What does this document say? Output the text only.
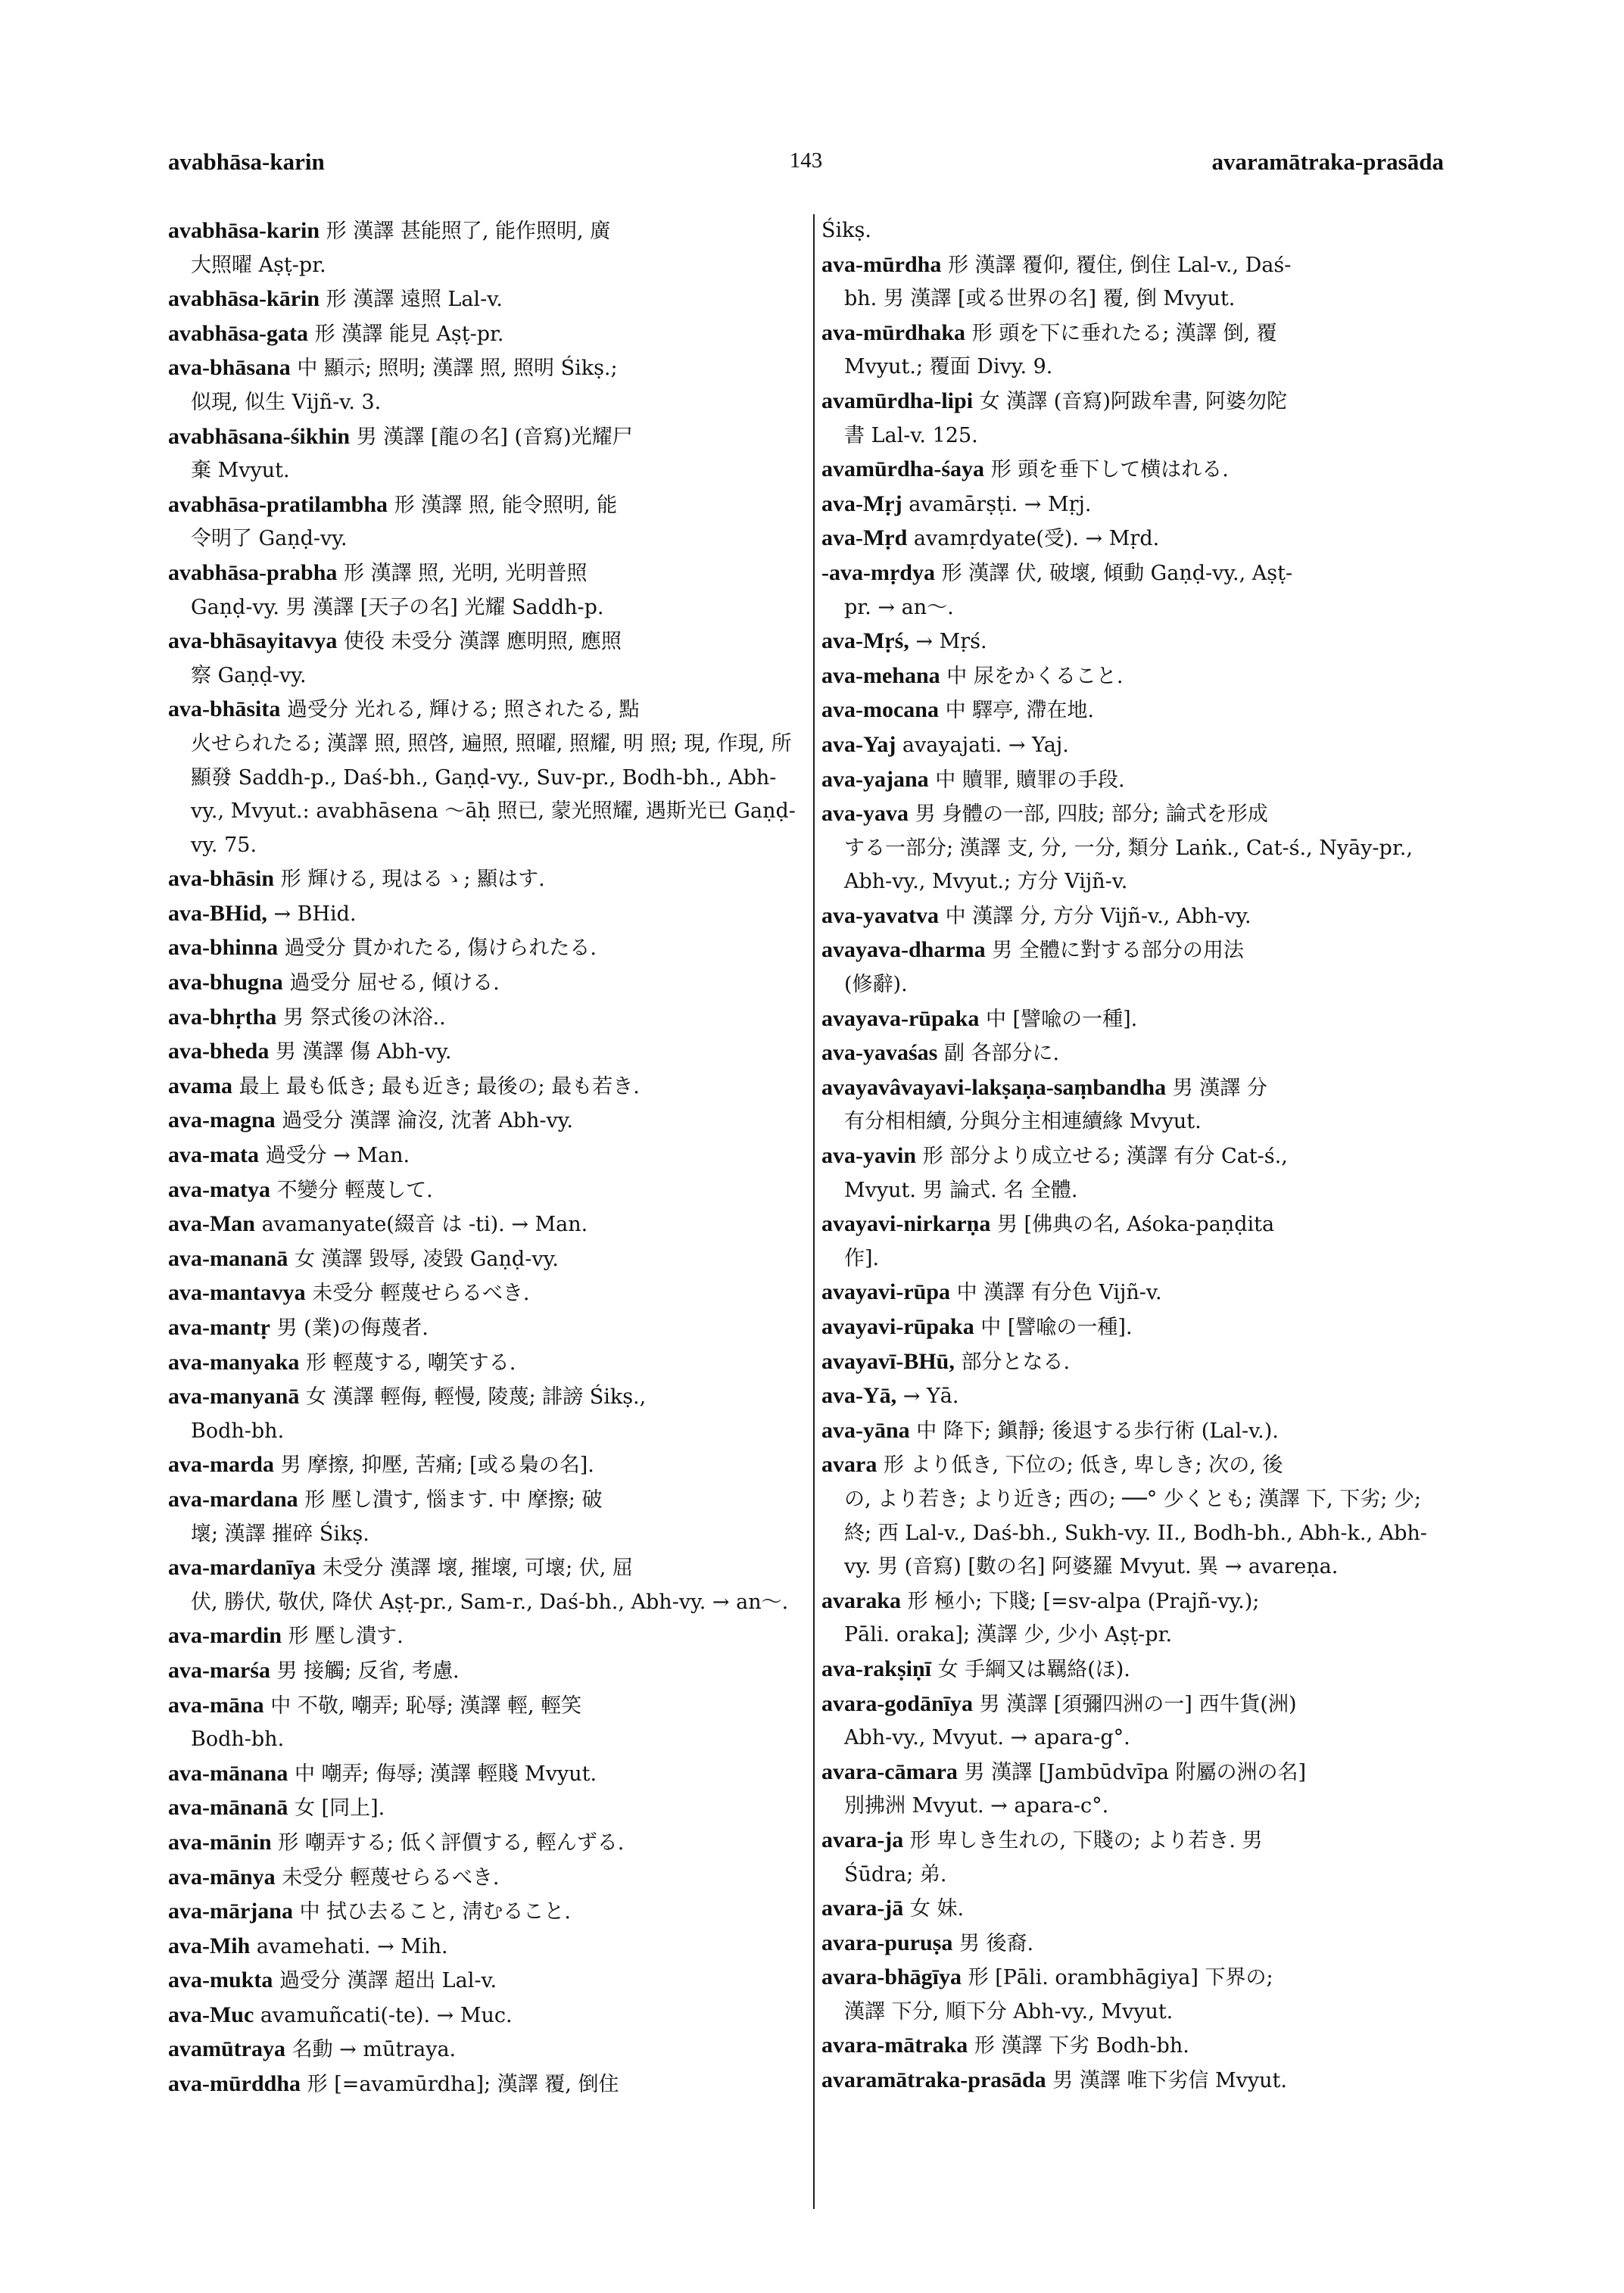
avabhāsa-karin	143	avaramātraka-prasāda

avabhāsa-karin 形 漢譯 甚能照了, 能作照明, 廣
大照曜 Aṣṭ-pr.

avabhāsa-kārin 形 漢譯 遠照 Lal-v.

avabhāsa-gata 形 漢譯 能見 Aṣṭ-pr.

ava-bhāsana 中 顯示; 照明; 漢譯 照, 照明 Śikṣ.;
似現, 似生 Vijñ-v. 3.

avabhāsana-śikhin 男 漢譯 [龍の名] (音寫)光耀尸
棄 Mvyut.

avabhāsa-pratilambha 形 漢譯 照, 能令照明, 能
令明了 Gaṇḍ-vy.

avabhāsa-prabha 形 漢譯 照, 光明, 光明普照
Gaṇḍ-vy. 男 漢譯 [天子の名] 光耀 Saddh-p.

ava-bhāsayitavya 使役 未受分 漢譯 應明照, 應照
察 Gaṇḍ-vy.

ava-bhāsita 過受分 光れる, 輝ける; 照されたる, 點
火せられたる; 漢譯 照, 照啓, 遍照, 照曜, 照耀, 明 照; 現, 作現, 所顯發 Saddh-p., Daś-bh., Gaṇḍ-vy., Suv-pr., Bodh-bh., Abh-vy., Mvyut.: avabhāsena 〜āḥ 照已, 蒙光照耀, 遇斯光已 Gaṇḍ-vy. 75.

ava-bhāsin 形 輝ける, 現はるゝ; 顯はす.

ava-BHid, → BHid.

ava-bhinna 過受分 貫かれたる, 傷けられたる.

ava-bhugna 過受分 屈せる, 傾ける.

ava-bhṛtha 男 祭式後の沐浴..

ava-bheda 男 漢譯 傷 Abh-vy.

avama 最上 最も低き; 最も近き; 最後の; 最も若き.

ava-magna 過受分 漢譯 淪沒, 沈著 Abh-vy.

ava-mata 過受分 → Man.

ava-matya 不變分 輕蔑して.

ava-Man avamanyate(綴音 は -ti). → Man.

ava-mananā 女 漢譯 毀辱, 凌毀 Gaṇḍ-vy.

ava-mantavya 未受分 輕蔑せらるべき.

ava-mantṛ 男 (業)の侮蔑者.

ava-manyaka 形 輕蔑する, 嘲笑する.

ava-manyanā 女 漢譯 輕侮, 輕慢, 陵蔑; 誹謗 Śikṣ.,
Bodh-bh.

ava-marda 男 摩擦, 抑壓, 苦痛; [或る梟の名].

ava-mardana 形 壓し潰す, 惱ます. 中 摩擦; 破
壞; 漢譯 摧碎 Śikṣ.

ava-mardanīya 未受分 漢譯 壞, 摧壞, 可壞; 伏, 屈
伏, 勝伏, 敬伏, 降伏 Aṣṭ-pr., Sam-r., Daś-bh., Abh-vy. → an〜.

ava-mardin 形 壓し潰す.

ava-marśa 男 接觸; 反省, 考慮.

ava-māna 中 不敬, 嘲弄; 恥辱; 漢譯 輕, 輕笑
Bodh-bh.

ava-mānana 中 嘲弄; 侮辱; 漢譯 輕賤 Mvyut.

ava-mānanā 女 [同上].

ava-mānin 形 嘲弄する; 低く評價する, 輕んずる.

ava-mānya 未受分 輕蔑せらるべき.

ava-mārjana 中 拭ひ去ること, 淸むること.

ava-Mih avamehati. → Mih.

ava-mukta 過受分 漢譯 超出 Lal-v.

ava-Muc avamuñcati(-te). → Muc.

avamūtraya 名動 → mūtraya.

ava-mūrddha 形 [=avamūrdha]; 漢譯 覆, 倒住

Śikṣ.

ava-mūrdha 形 漢譯 覆仰, 覆住, 倒住 Lal-v., Daś-
bh. 男 漢譯 [或る世界の名] 覆, 倒 Mvyut.

ava-mūrdhaka 形 頭を下に垂れたる; 漢譯 倒, 覆
Mvyut.; 覆面 Divy. 9.

avamūrdha-lipi 女 漢譯 (音寫)阿跋牟書, 阿婆勿陀
書 Lal-v. 125.

avamūrdha-śaya 形 頭を垂下して横はれる.

ava-Mṛj avamārṣṭi. → Mṛj.

ava-Mṛd avamṛdyate(受). → Mṛd.

-ava-mṛdya 形 漢譯 伏, 破壞, 傾動 Gaṇḍ-vy., Aṣṭ-
pr. → an〜.

ava-Mṛś, → Mṛś.

ava-mehana 中 尿をかくること.

ava-mocana 中 驛亭, 滯在地.

ava-Yaj avayajati. → Yaj.

ava-yajana 中 贖罪, 贖罪の手段.

ava-yava 男 身體の一部, 四肢; 部分; 論式を形成
する一部分; 漢譯 支, 分, 一分, 類分 Laṅk., Cat-ś., Nyāy-pr., Abh-vy., Mvyut.; 方分 Vijñ-v.

ava-yavatva 中 漢譯 分, 方分 Vijñ-v., Abh-vy.

avayava-dharma 男 全體に對する部分の用法
(修辭).

avayava-rūpaka 中 [譬喩の一種].

ava-yavaśas 副 各部分に.

avayavâvayavi-lakṣaṇa-saṃbandha 男 漢譯 分
有分相相續, 分與分主相連續緣 Mvyut.

ava-yavin 形 部分より成立せる; 漢譯 有分 Cat-ś.,
Mvyut. 男 論式. 名 全體.

avayavi-nirkarṇa 男 [佛典の名, Aśoka-paṇḍita
作].

avayavi-rūpa 中 漢譯 有分色 Vijñ-v.

avayavi-rūpaka 中 [譬喩の一種].

avayavī-BHū, 部分となる.

ava-Yā, → Yā.

ava-yāna 中 降下; 鎭靜; 後退する歩行術 (Lal-v.).

avara 形 より低き, 下位の; 低き, 卑しき; 次の, 後
の, より若き; より近き; 西の; ──° 少くとも; 漢譯 下, 下劣; 少; 終; 西 Lal-v., Daś-bh., Sukh-vy. II., Bodh-bh., Abh-k., Abh-vy. 男 (音寫) [數の名] 阿婆羅 Mvyut. 異 → avareṇa.

avaraka 形 極小; 下賤; [=sv-alpa (Prajñ-vy.);
Pāli. oraka]; 漢譯 少, 少小 Aṣṭ-pr.

ava-rakṣiṇī 女 手綱又は羈絡(ほ).

avara-godānīya 男 漢譯 [須彌四洲の一] 西牛貨(洲)
Abh-vy., Mvyut. → apara-g°.

avara-cāmara 男 漢譯 [Jambūdvīpa 附屬の洲の名]
別拂洲 Mvyut. → apara-c°.

avara-ja 形 卑しき生れの, 下賤の; より若き. 男
Śūdra; 弟.

avara-jā 女 妹.

avara-puruṣa 男 後裔.

avara-bhāgīya 形 [Pāli. orambhāgiya] 下界の;
漢譯 下分, 順下分 Abh-vy., Mvyut.

avara-mātraka 形 漢譯 下劣 Bodh-bh.

avaramātraka-prasāda 男 漢譯 唯下劣信 Mvyut.
